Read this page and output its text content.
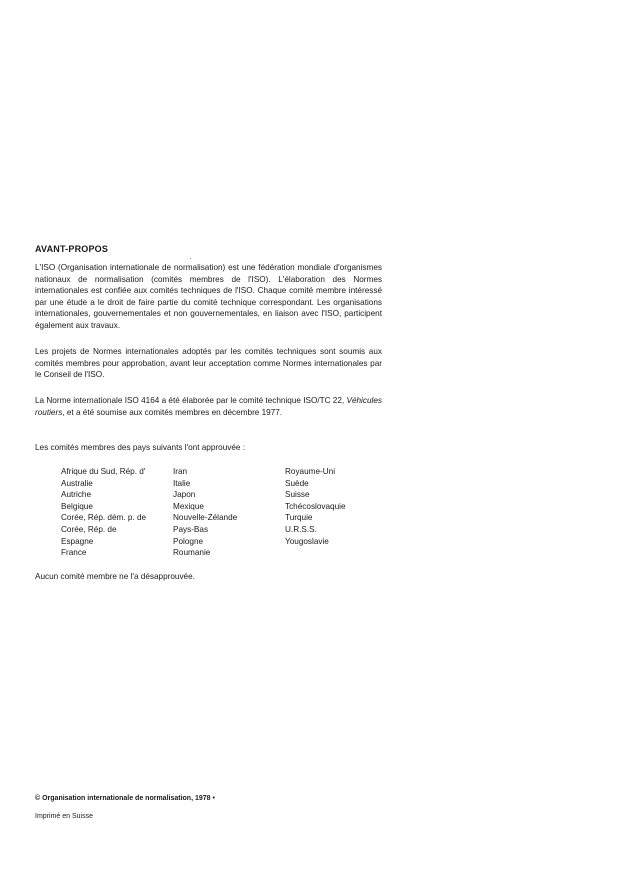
AVANT-PROPOS

L'ISO (Organisation internationale de normalisation) est une fédération mondiale d'organismes nationaux de normalisation (comités membres de l'ISO). L'élaboration des Normes internationales est confiée aux comités techniques de l'ISO. Chaque comité membre intéressé par une étude a le droit de faire partie du comité technique correspondant. Les organisations internationales, gouvernementales et non gouvernementales, en liaison avec l'ISO, participent également aux travaux.

Les projets de Normes internationales adoptés par les comités techniques sont soumis aux comités membres pour approbation, avant leur acceptation comme Normes internationales par le Conseil de l'ISO.

La Norme internationale ISO 4164 a été élaborée par le comité technique ISO/TC 22, Véhicules routiers, et a été soumise aux comités membres en décembre 1977.

Les comités membres des pays suivants l'ont approuvée :

Afrique du Sud, Rép. d'
Australie
Autriche
Belgique
Corée, Rép. dém. p. de
Corée, Rép. de
Espagne
France
Iran
Italie
Japon
Mexique
Nouvelle-Zélande
Pays-Bas
Pologne
Roumanie
Royaume-Uni
Suède
Suisse
Tchécoslovaquie
Turquie
U.R.S.S.
Yougoslavie

Aucun comité membre ne l'a désapprouvée.

© Organisation internationale de normalisation, 1978 •
Imprimé en Suisse
